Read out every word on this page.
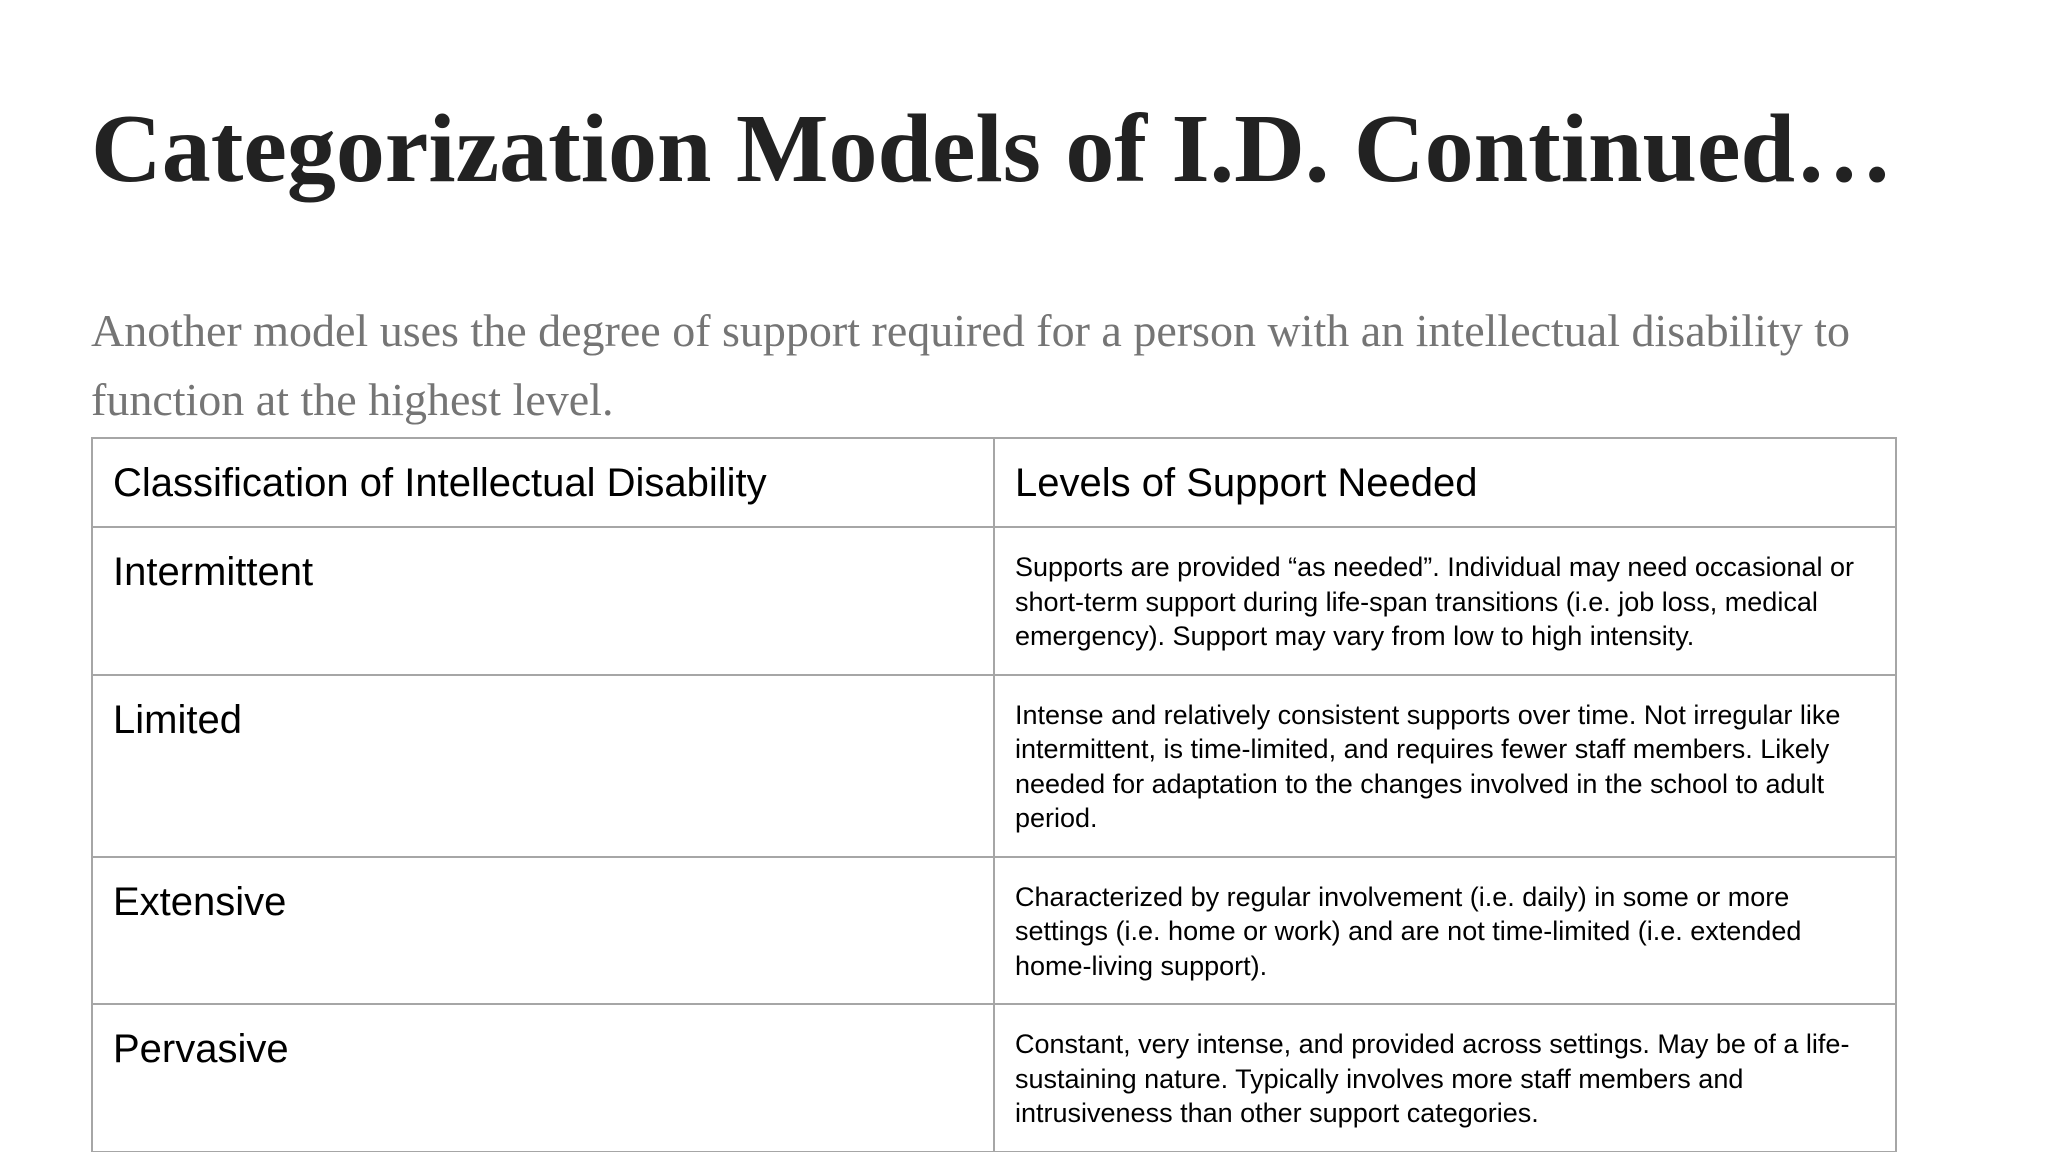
Categorization Models of I.D. Continued…

Another model uses the degree of support required for a person with an intellectual disability to function at the highest level.

Classification of Intellectual Disability	Levels of Support Needed
Intermittent	Supports are provided “as needed”. Individual may need occasional or short-term support during life-span transitions (i.e. job loss, medical emergency). Support may vary from low to high intensity.
Limited	Intense and relatively consistent supports over time. Not irregular like intermittent, is time-limited, and requires fewer staff members. Likely needed for adaptation to the changes involved in the school to adult period.
Extensive	Characterized by regular involvement (i.e. daily) in some or more settings (i.e. home or work) and are not time-limited (i.e. extended home-living support).
Pervasive	Constant, very intense, and provided across settings. May be of a life-sustaining nature. Typically involves more staff members and intrusiveness than other support categories.
